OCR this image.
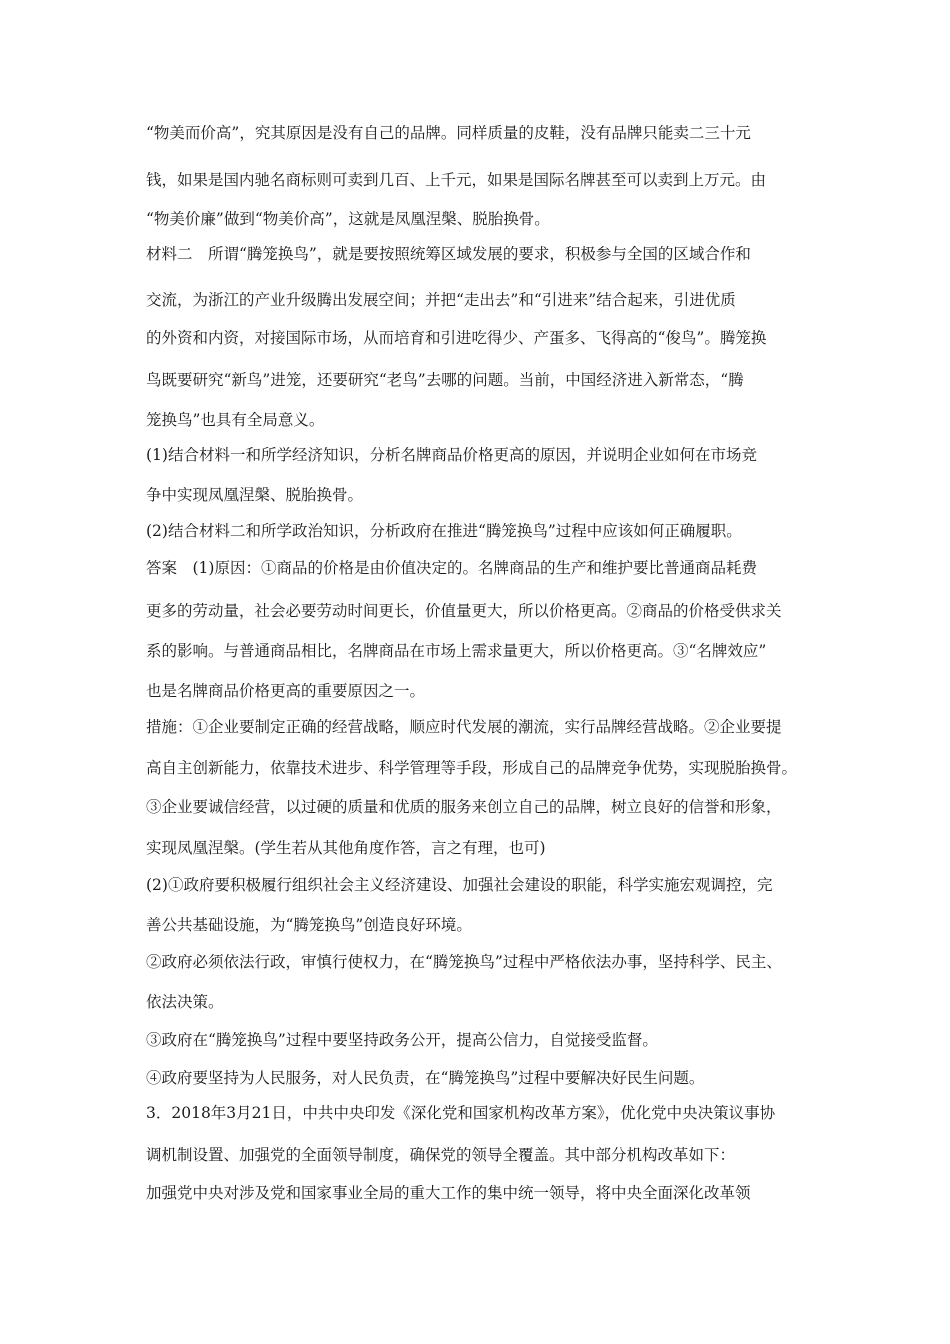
“物美而价高”，究其原因是没有自己的品牌。同样质量的皮鞋，没有品牌只能卖二三十元
钱，如果是国内驰名商标则可卖到几百、上千元，如果是国际名牌甚至可以卖到上万元。由
“物美价廉”做到“物美价高”，这就是凤凰涅槃、脱胎换骨。
材料二　所谓“腾笼换鸟”，就是要按照统筹区域发展的要求，积极参与全国的区域合作和
交流，为浙江的产业升级腾出发展空间；并把“走出去”和“引进来”结合起来，引进优质
的外资和内资，对接国际市场，从而培育和引进吃得少、产蛋多、飞得高的“俊鸟”。腾笼换
鸟既要研究“新鸟”进笼，还要研究“老鸟”去哪的问题。当前，中国经济进入新常态，“腾
笼换鸟”也具有全局意义。
(1)结合材料一和所学经济知识，分析名牌商品价格更高的原因，并说明企业如何在市场竞
争中实现凤凰涅槃、脱胎换骨。
(2)结合材料二和所学政治知识，分析政府在推进“腾笼换鸟”过程中应该如何正确履职。
答案　(1)原因：①商品的价格是由价值决定的。名牌商品的生产和维护要比普通商品耗费
更多的劳动量，社会必要劳动时间更长，价值量更大，所以价格更高。②商品的价格受供求关
系的影响。与普通商品相比，名牌商品在市场上需求量更大，所以价格更高。③“名牌效应”
也是名牌商品价格更高的重要原因之一。
措施：①企业要制定正确的经营战略，顺应时代发展的潮流，实行品牌经营战略。②企业要提
高自主创新能力，依靠技术进步、科学管理等手段，形成自己的品牌竞争优势，实现脱胎换骨。
③企业要诚信经营，以过硬的质量和优质的服务来创立自己的品牌，树立良好的信誉和形象，
实现凤凰涅槃。(学生若从其他角度作答，言之有理，也可)
(2)①政府要积极履行组织社会主义经济建设、加强社会建设的职能，科学实施宏观调控，完
善公共基础设施，为“腾笼换鸟”创造良好环境。
②政府必须依法行政，审慎行使权力，在“腾笼换鸟”过程中严格依法办事，坚持科学、民主、
依法决策。
③政府在“腾笼换鸟”过程中要坚持政务公开，提高公信力，自觉接受监督。
④政府要坚持为人民服务，对人民负责，在“腾笼换鸟”过程中要解决好民生问题。
3．2018年3月21日，中共中央印发《深化党和国家机构改革方案》，优化党中央决策议事协
调机制设置、加强党的全面领导制度，确保党的领导全覆盖。其中部分机构改革如下：
加强党中央对涉及党和国家事业全局的重大工作的集中统一领导，将中央全面深化改革领
